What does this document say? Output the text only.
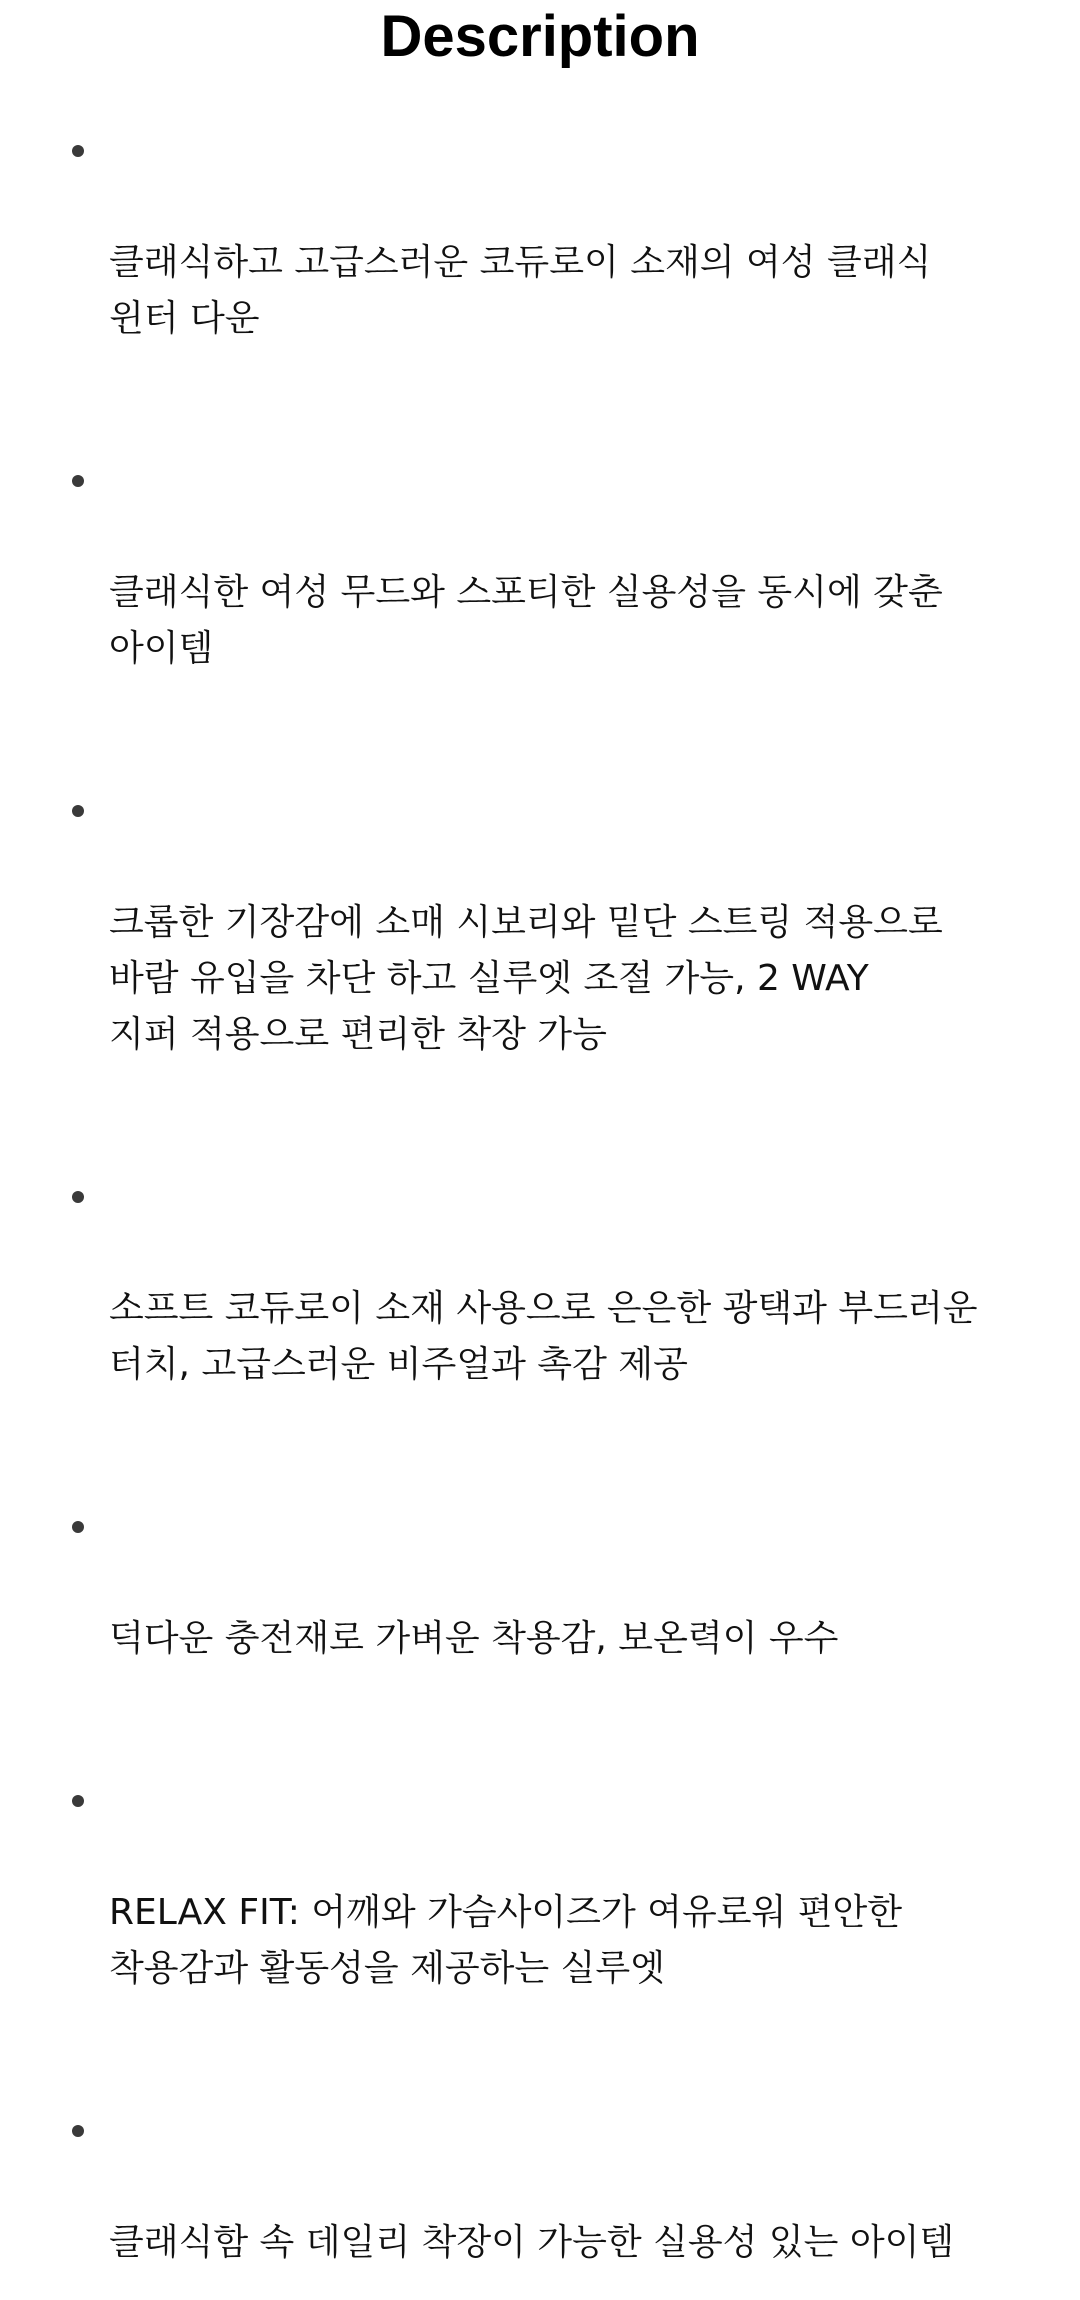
Description

클래식하고 고급스러운 코듀로이 소재의 여성 클래식
윈터 다운

클래식한 여성 무드와 스포티한 실용성을 동시에 갖춘
아이템

크롭한 기장감에 소매 시보리와 밑단 스트링 적용으로
바람 유입을 차단 하고 실루엣 조절 가능, 2 WAY
지퍼 적용으로 편리한 착장 가능

소프트 코듀로이 소재 사용으로 은은한 광택과 부드러운
터치, 고급스러운 비주얼과 촉감 제공

덕다운 충전재로 가벼운 착용감, 보온력이 우수

RELAX FIT: 어깨와 가슴사이즈가 여유로워 편안한
착용감과 활동성을 제공하는 실루엣

클래식함 속 데일리 착장이 가능한 실용성 있는 아이템
